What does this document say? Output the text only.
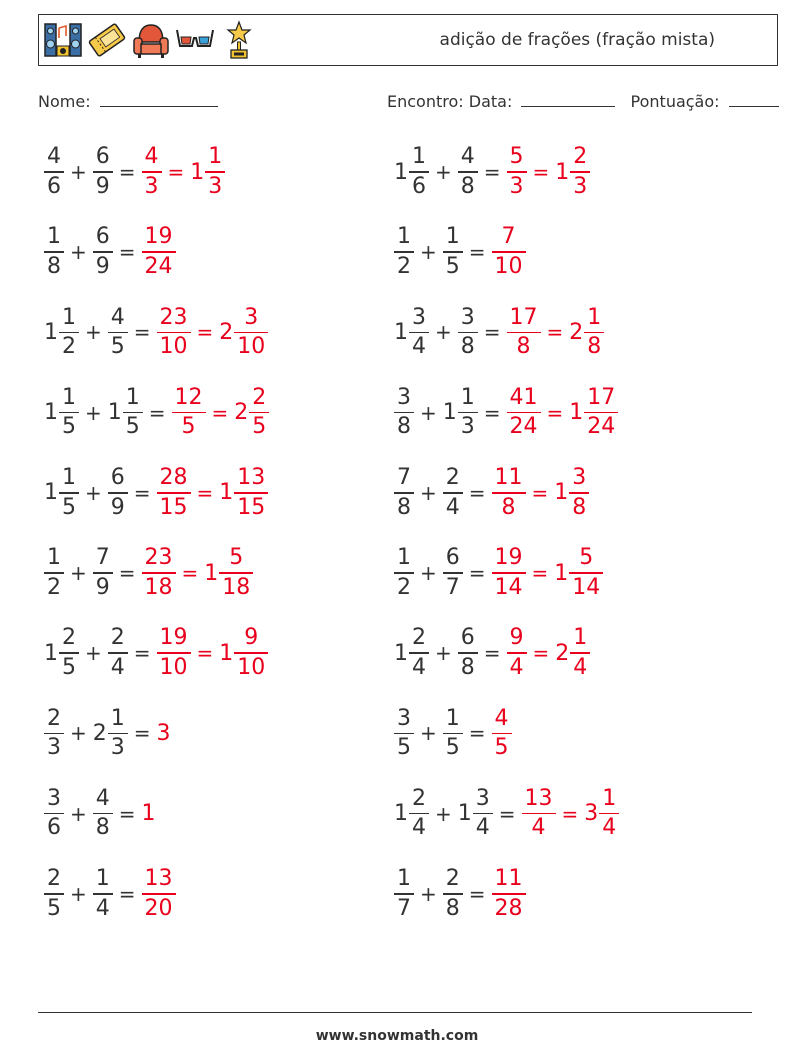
adição de frações (fração mista)
Nome:	Encontro: Data:	Pontuação:
$\frac{4}{6} + \frac{6}{9} = \frac{4}{3} = 1 \frac{1}{3}$	$1 \frac{1}{6} + \frac{4}{8} = \frac{5}{3} = 1 \frac{2}{3}$
$\frac{1}{8} + \frac{6}{9} = \frac{19}{24}$	$\frac{1}{2} + \frac{1}{5} = \frac{7}{10}$
$1 \frac{1}{2} + \frac{4}{5} = \frac{23}{10} = 2 \frac{3}{10}$	$1 \frac{3}{4} + \frac{3}{8} = \frac{17}{8} = 2 \frac{1}{8}$
$1 \frac{1}{5} + 1 \frac{1}{5} = \frac{12}{5} = 2 \frac{2}{5}$	$\frac{3}{8} + 1 \frac{1}{3} = \frac{41}{24} = 1 \frac{17}{24}$
$1 \frac{1}{5} + \frac{6}{9} = \frac{28}{15} = 1 \frac{13}{15}$	$\frac{7}{8} + \frac{2}{4} = \frac{11}{8} = 1 \frac{3}{8}$
$\frac{1}{2} + \frac{7}{9} = \frac{23}{18} = 1 \frac{5}{18}$	$\frac{1}{2} + \frac{6}{7} = \frac{19}{14} = 1 \frac{5}{14}$
$1 \frac{2}{5} + \frac{2}{4} = \frac{19}{10} = 1 \frac{9}{10}$	$1 \frac{2}{4} + \frac{6}{8} = \frac{9}{4} = 2 \frac{1}{4}$
$\frac{2}{3} + 2 \frac{1}{3} = 3$	$\frac{3}{5} + \frac{1}{5} = \frac{4}{5}$
$\frac{3}{6} + \frac{4}{8} = 1$	$1 \frac{2}{4} + 1 \frac{3}{4} = \frac{13}{4} = 3 \frac{1}{4}$
$\frac{2}{5} + \frac{1}{4} = \frac{13}{20}$	$\frac{1}{7} + \frac{2}{8} = \frac{11}{28}$
www.snowmath.com
